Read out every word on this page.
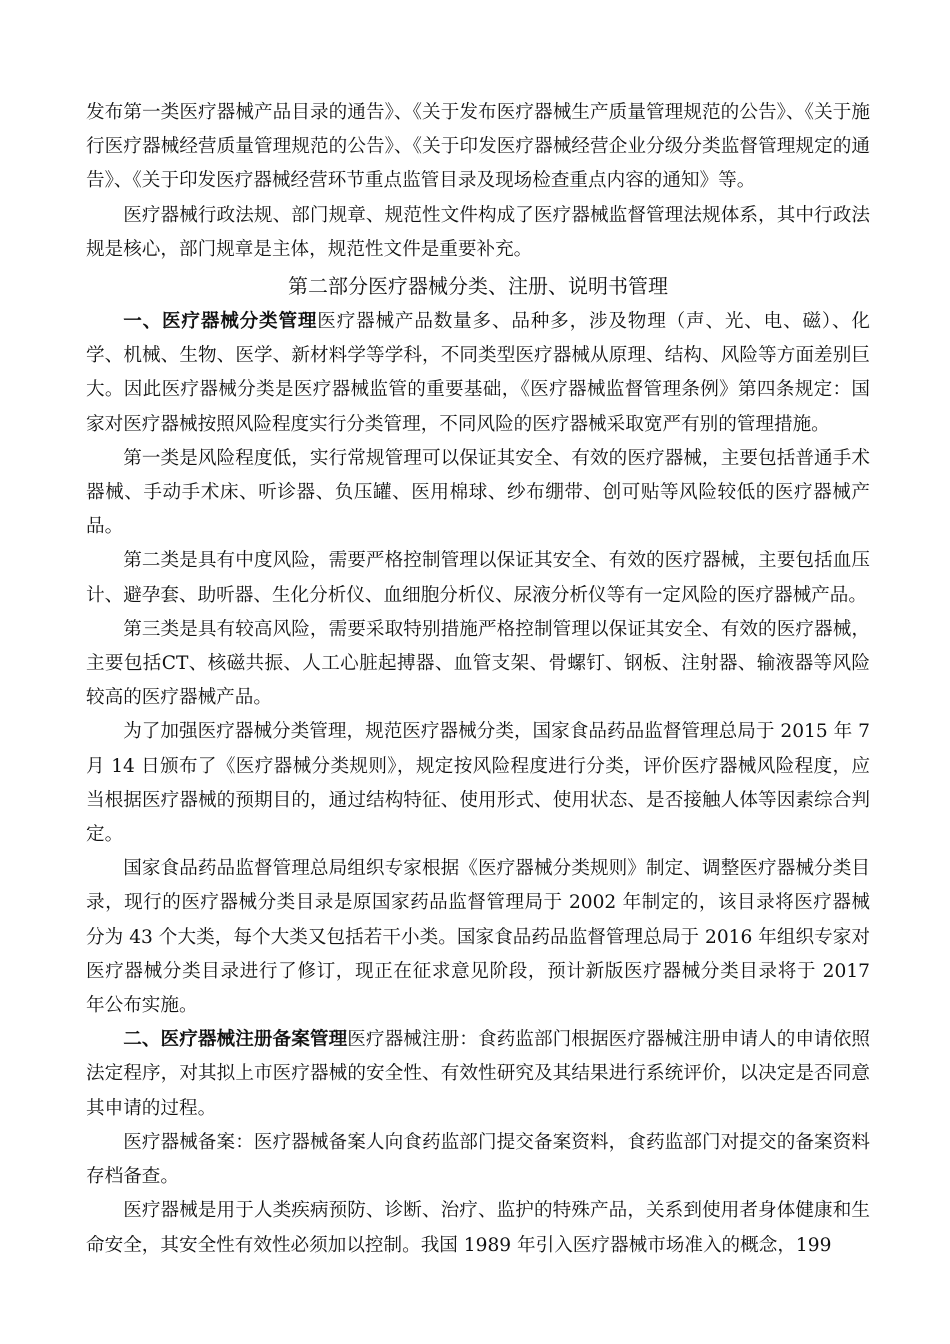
发布第一类医疗器械产品目录的通告》、《关于发布医疗器械生产质量管理规范的公告》、《关于施行医疗器械经营质量管理规范的公告》、《关于印发医疗器械经营企业分级分类监督管理规定的通告》、《关于印发医疗器械经营环节重点监管目录及现场检查重点内容的通知》等。

医疗器械行政法规、部门规章、规范性文件构成了医疗器械监督管理法规体系，其中行政法规是核心，部门规章是主体，规范性文件是重要补充。

第二部分医疗器械分类、注册、说明书管理

一、医疗器械分类管理医疗器械产品数量多、品种多，涉及物理（声、光、电、磁）、化学、机械、生物、医学、新材料学等学科，不同类型医疗器械从原理、结构、风险等方面差别巨大。因此医疗器械分类是医疗器械监管的重要基础，《医疗器械监督管理条例》第四条规定：国家对医疗器械按照风险程度实行分类管理，不同风险的医疗器械采取宽严有别的管理措施。

第一类是风险程度低，实行常规管理可以保证其安全、有效的医疗器械，主要包括普通手术器械、手动手术床、听诊器、负压罐、医用棉球、纱布绷带、创可贴等风险较低的医疗器械产品。

第二类是具有中度风险，需要严格控制管理以保证其安全、有效的医疗器械，主要包括血压计、避孕套、助听器、生化分析仪、血细胞分析仪、尿液分析仪等有一定风险的医疗器械产品。

第三类是具有较高风险，需要采取特别措施严格控制管理以保证其安全、有效的医疗器械，主要包括CT、核磁共振、人工心脏起搏器、血管支架、骨螺钉、钢板、注射器、输液器等风险较高的医疗器械产品。

为了加强医疗器械分类管理，规范医疗器械分类，国家食品药品监督管理总局于 2015 年 7 月 14 日颁布了《医疗器械分类规则》，规定按风险程度进行分类，评价医疗器械风险程度，应当根据医疗器械的预期目的，通过结构特征、使用形式、使用状态、是否接触人体等因素综合判定。

国家食品药品监督管理总局组织专家根据《医疗器械分类规则》制定、调整医疗器械分类目录，现行的医疗器械分类目录是原国家药品监督管理局于 2002 年制定的，该目录将医疗器械分为 43 个大类，每个大类又包括若干小类。国家食品药品监督管理总局于 2016 年组织专家对医疗器械分类目录进行了修订，现正在征求意见阶段，预计新版医疗器械分类目录将于 2017 年公布实施。

二、医疗器械注册备案管理医疗器械注册：食药监部门根据医疗器械注册申请人的申请依照法定程序，对其拟上市医疗器械的安全性、有效性研究及其结果进行系统评价，以决定是否同意其申请的过程。

医疗器械备案：医疗器械备案人向食药监部门提交备案资料，食药监部门对提交的备案资料存档备查。

医疗器械是用于人类疾病预防、诊断、治疗、监护的特殊产品，关系到使用者身体健康和生命安全，其安全性有效性必须加以控制。我国 1989 年引入医疗器械市场准入的概念，199
